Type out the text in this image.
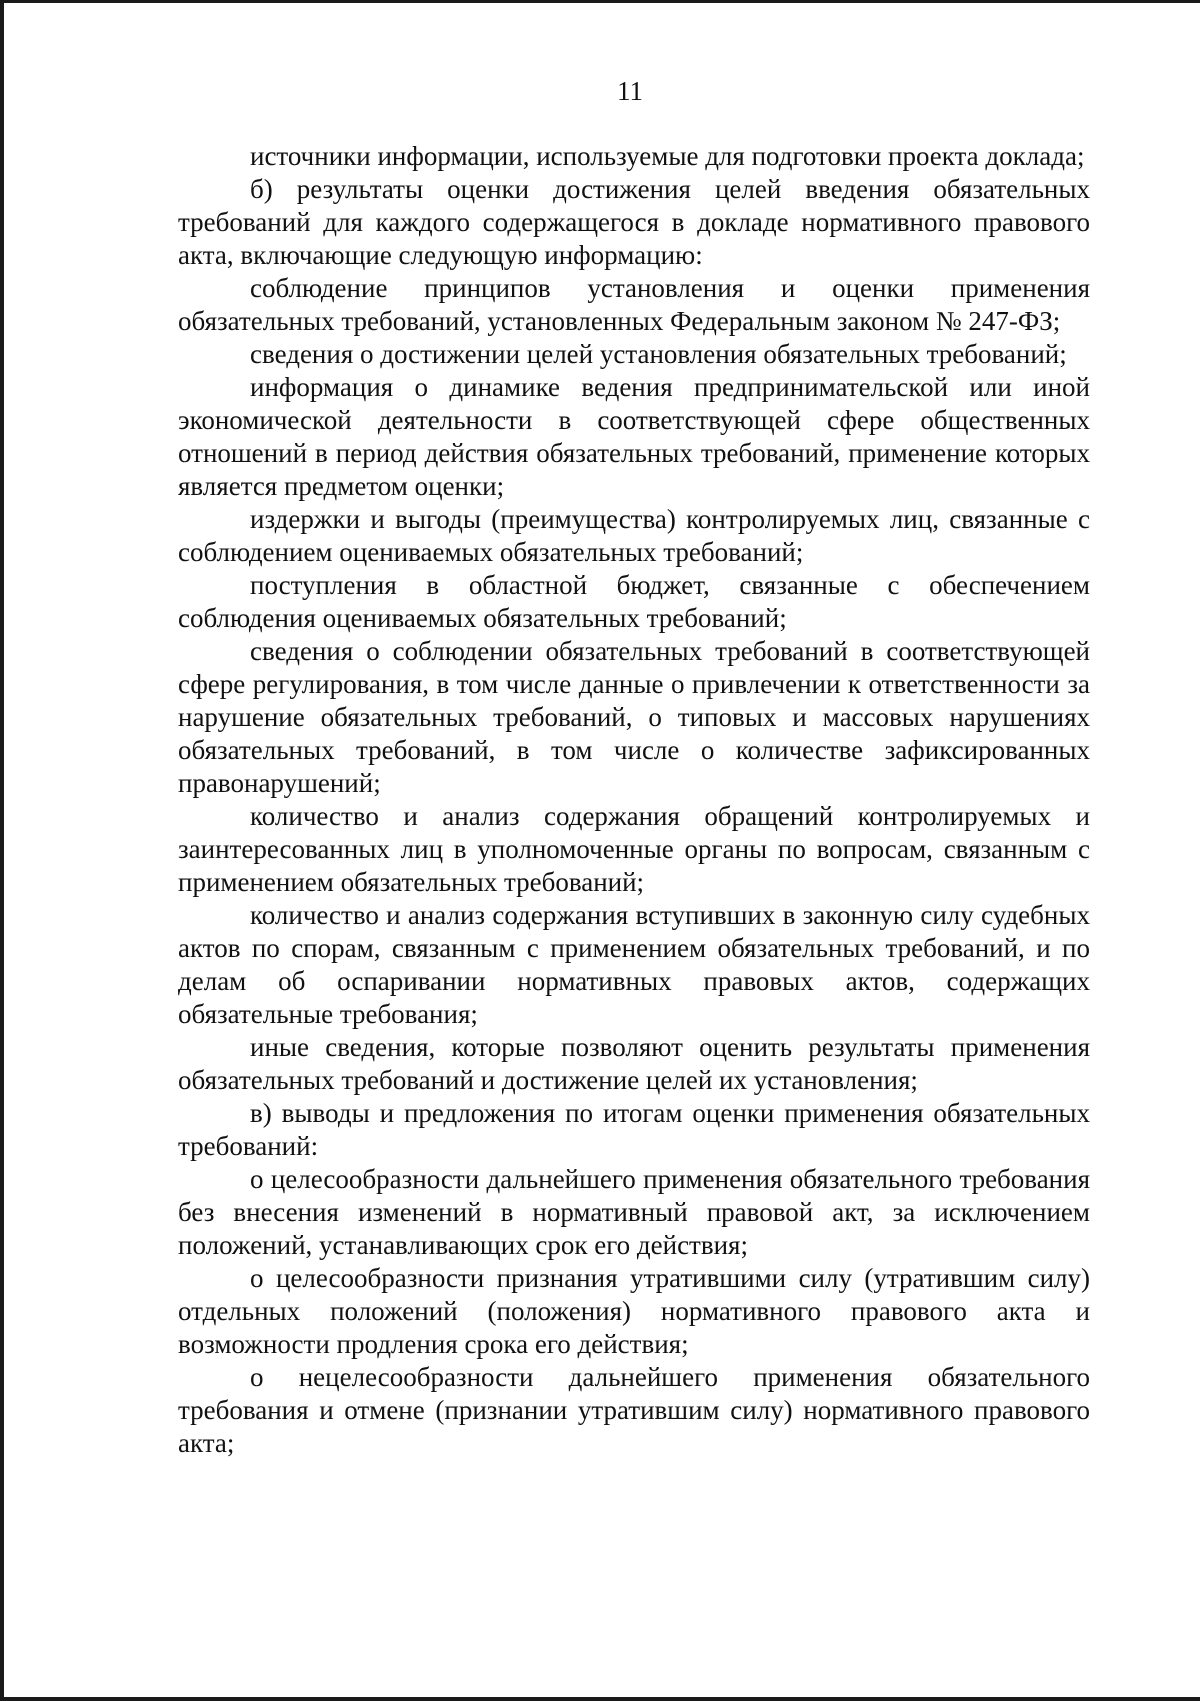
11

источники информации, используемые для подготовки проекта доклада;

б) результаты оценки достижения целей введения обязательных требований для каждого содержащегося в докладе нормативного правового акта, включающие следующую информацию:

соблюдение принципов установления и оценки применения обязательных требований, установленных Федеральным законом № 247-ФЗ;

сведения о достижении целей установления обязательных требований;

информация о динамике ведения предпринимательской или иной экономической деятельности в соответствующей сфере общественных отношений в период действия обязательных требований, применение которых является предметом оценки;

издержки и выгоды (преимущества) контролируемых лиц, связанные с соблюдением оцениваемых обязательных требований;

поступления в областной бюджет, связанные с обеспечением соблюдения оцениваемых обязательных требований;

сведения о соблюдении обязательных требований в соответствующей сфере регулирования, в том числе данные о привлечении к ответственности за нарушение обязательных требований, о типовых и массовых нарушениях обязательных требований, в том числе о количестве зафиксированных правонарушений;

количество и анализ содержания обращений контролируемых и заинтересованных лиц в уполномоченные органы по вопросам, связанным с применением обязательных требований;

количество и анализ содержания вступивших в законную силу судебных актов по спорам, связанным с применением обязательных требований, и по делам об оспаривании нормативных правовых актов, содержащих обязательные требования;

иные сведения, которые позволяют оценить результаты применения обязательных требований и достижение целей их установления;

в) выводы и предложения по итогам оценки применения обязательных требований:

о целесообразности дальнейшего применения обязательного требования без внесения изменений в нормативный правовой акт, за исключением положений, устанавливающих срок его действия;

о целесообразности признания утратившими силу (утратившим силу) отдельных положений (положения) нормативного правового акта и возможности продления срока его действия;

о нецелесообразности дальнейшего применения обязательного требования и отмене (признании утратившим силу) нормативного правового акта;
